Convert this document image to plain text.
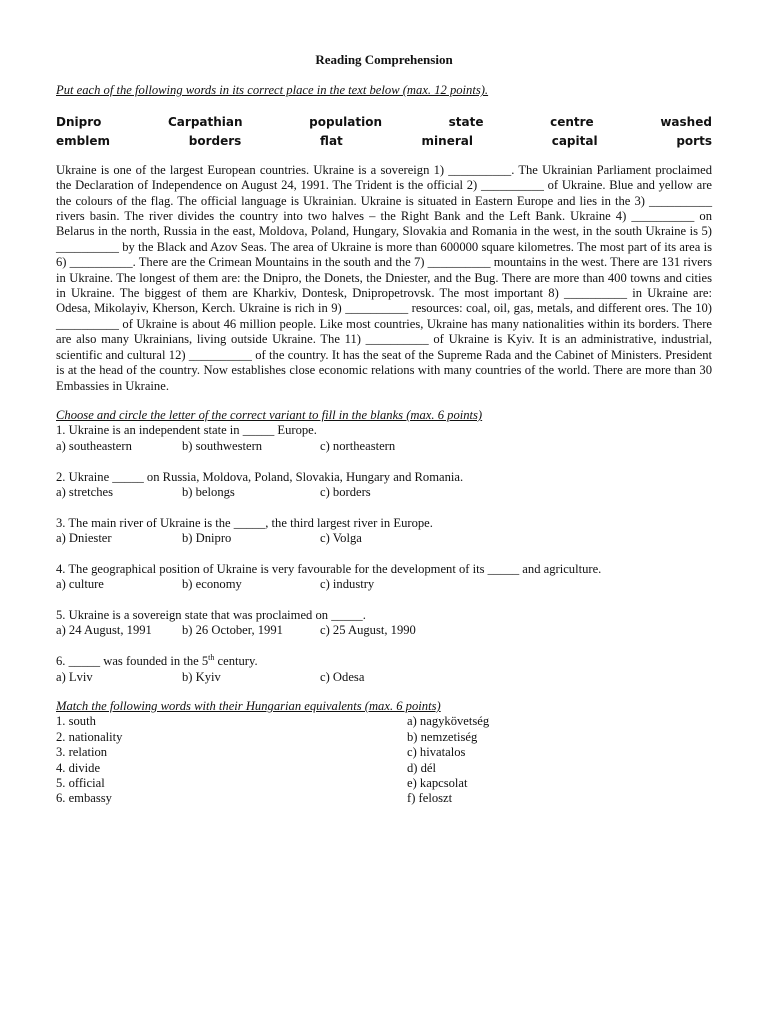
Reading Comprehension

Put each of the following words in its correct place in the text below (max. 12 points).

Dnipro	Carpathian	population	state	centre	washed
emblem	borders	flat	mineral	capital	ports

Ukraine is one of the largest European countries. Ukraine is a sovereign 1) __________. The Ukrainian Parliament proclaimed the Declaration of Independence on August 24, 1991. The Trident is the official 2) __________ of Ukraine. Blue and yellow are the colours of the flag. The official language is Ukrainian. Ukraine is situated in Eastern Europe and lies in the 3) __________ rivers basin. The river divides the country into two halves – the Right Bank and the Left Bank. Ukraine 4) __________ on Belarus in the north, Russia in the east, Moldova, Poland, Hungary, Slovakia and Romania in the west, in the south Ukraine is 5) __________ by the Black and Azov Seas. The area of Ukraine is more than 600000 square kilometres. The most part of its area is 6) __________. There are the Crimean Mountains in the south and the 7) __________ mountains in the west. There are 131 rivers in Ukraine. The longest of them are: the Dnipro, the Donets, the Dniester, and the Bug. There are more than 400 towns and cities in Ukraine. The biggest of them are Kharkiv, Dontesk, Dnipropetrovsk. The most important 8) __________ in Ukraine are: Odesa, Mikolayiv, Kherson, Kerch. Ukraine is rich in 9) __________ resources: coal, oil, gas, metals, and different ores. The 10) __________ of Ukraine is about 46 million people. Like most countries, Ukraine has many nationalities within its borders. There are also many Ukrainians, living outside Ukraine. The 11) __________ of Ukraine is Kyiv. It is an administrative, industrial, scientific and cultural 12) __________ of the country. It has the seat of the Supreme Rada and the Cabinet of Ministers. President is at the head of the country. Now establishes close economic relations with many countries of the world. There are more than 30 Embassies in Ukraine.

Choose and circle the letter of the correct variant to fill in the blanks (max. 6 points)

1. Ukraine is an independent state in _____ Europe.

a) southeastern	b) southwestern	c) northeastern

2. Ukraine _____ on Russia, Moldova, Poland, Slovakia, Hungary and Romania.

a) stretches	b) belongs	c) borders

3. The main river of Ukraine is the _____, the third largest river in Europe.

a) Dniester	b) Dnipro	c) Volga

4. The geographical position of Ukraine is very favourable for the development of its _____ and agriculture.

a) culture	b) economy	c) industry

5. Ukraine is a sovereign state that was proclaimed on _____.

a) 24 August, 1991 b) 26 October, 1991	c) 25 August, 1990

6. _____ was founded in the 5th century.

a) Lviv	b) Kyiv	c) Odesa

Match the following words with their Hungarian equivalents (max. 6 points)

1. south	a) nagykövetség
2. nationality	b) nemzetiség
3. relation	c) hivatalos
4. divide	d) dél
5. official	e) kapcsolat
6. embassy	f) feloszt
